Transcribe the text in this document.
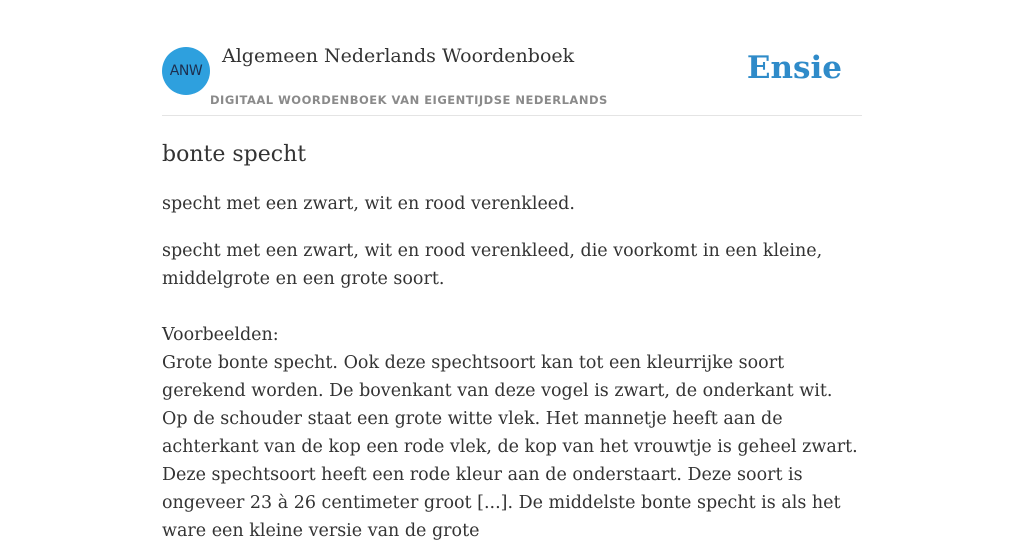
ANW
Algemeen Nederlands Woordenboek
DIGITAAL WOORDENBOEK VAN EIGENTIJDSE NEDERLANDS
Ensie
bonte specht

specht met een zwart, wit en rood verenkleed.

specht met een zwart, wit en rood verenkleed, die voorkomt in een kleine, middelgrote en een grote soort.

Voorbeelden:

Grote bonte specht. Ook deze spechtsoort kan tot een kleurrijke soort gerekend worden. De bovenkant van deze vogel is zwart, de onderkant wit. Op de schouder staat een grote witte vlek. Het mannetje heeft aan de achterkant van de kop een rode vlek, de kop van het vrouwtje is geheel zwart. Deze spechtsoort heeft een rode kleur aan de onderstaart. Deze soort is ongeveer 23 à 26 centimeter groot [...]. De middelste bonte specht is als het ware een kleine versie van de grote
